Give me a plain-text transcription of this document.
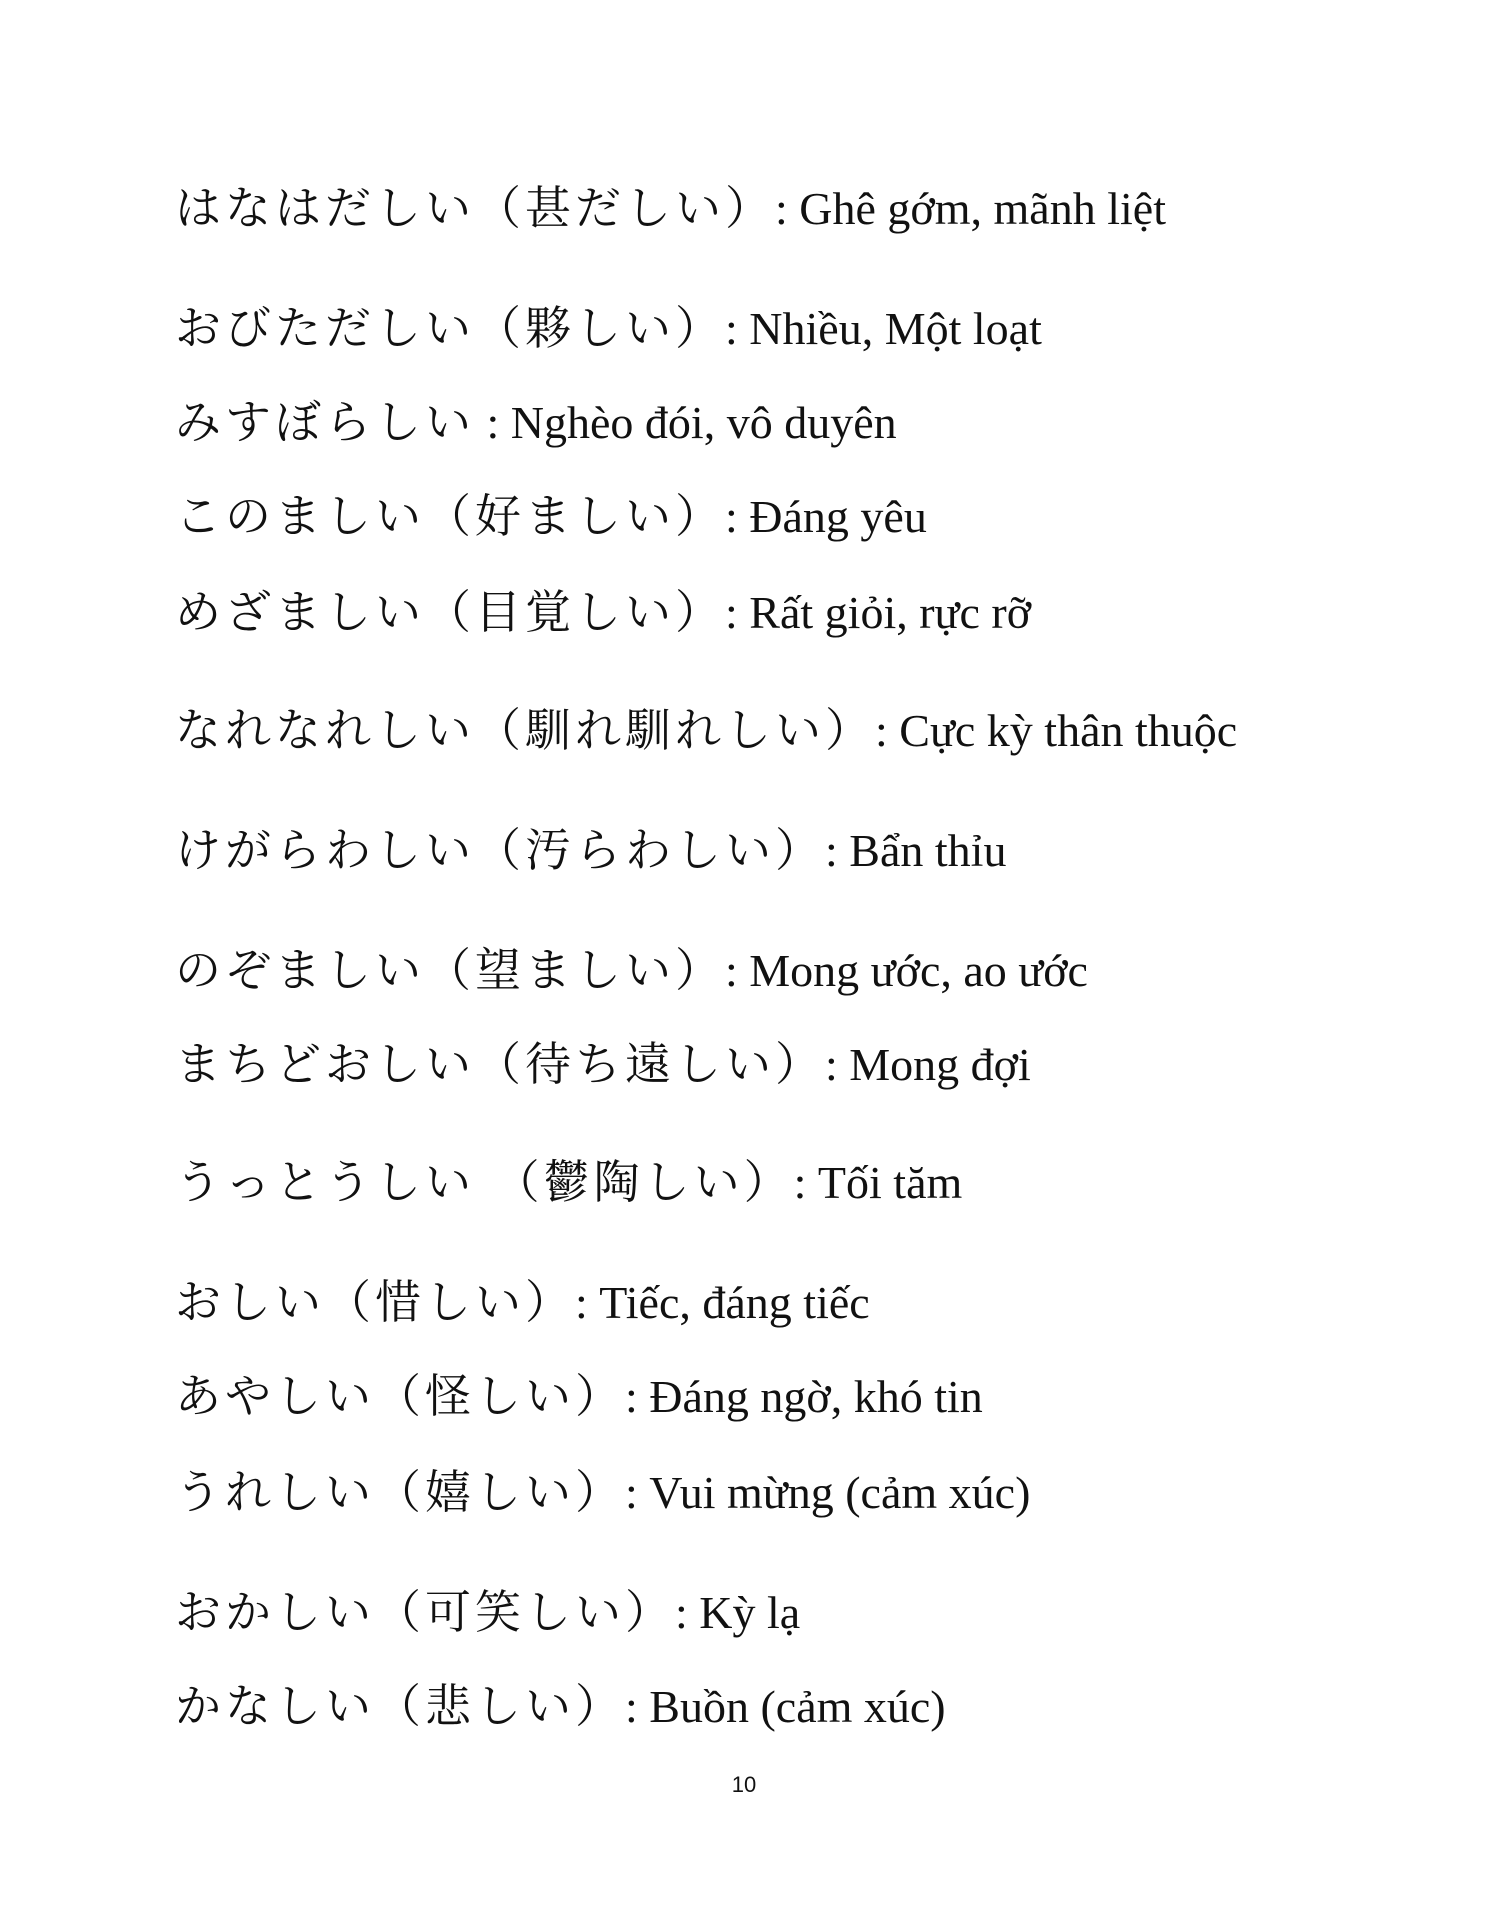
はなはだしい（甚だしい）: Ghê gớm, mãnh liệt
おびただしい（夥しい）: Nhiều, Một loạt
みすぼらしい : Nghèo đói, vô duyên
このましい（好ましい）: Đáng yêu
めざましい（目覚しい）: Rất giỏi, rực rỡ
なれなれしい（馴れ馴れしい）: Cực kỳ thân thuộc
けがらわしい（汚らわしい）: Bẩn thỉu
のぞましい（望ましい）: Mong ước, ao ước
まちどおしい（待ち遠しい）: Mong đợi
うっとうしい （鬱陶しい）: Tối tăm
おしい（惜しい）: Tiếc, đáng tiếc
あやしい（怪しい）: Đáng ngờ, khó tin
うれしい（嬉しい）: Vui mừng (cảm xúc)
おかしい（可笑しい）: Kỳ lạ
かなしい（悲しい）: Buồn (cảm xúc)
10
